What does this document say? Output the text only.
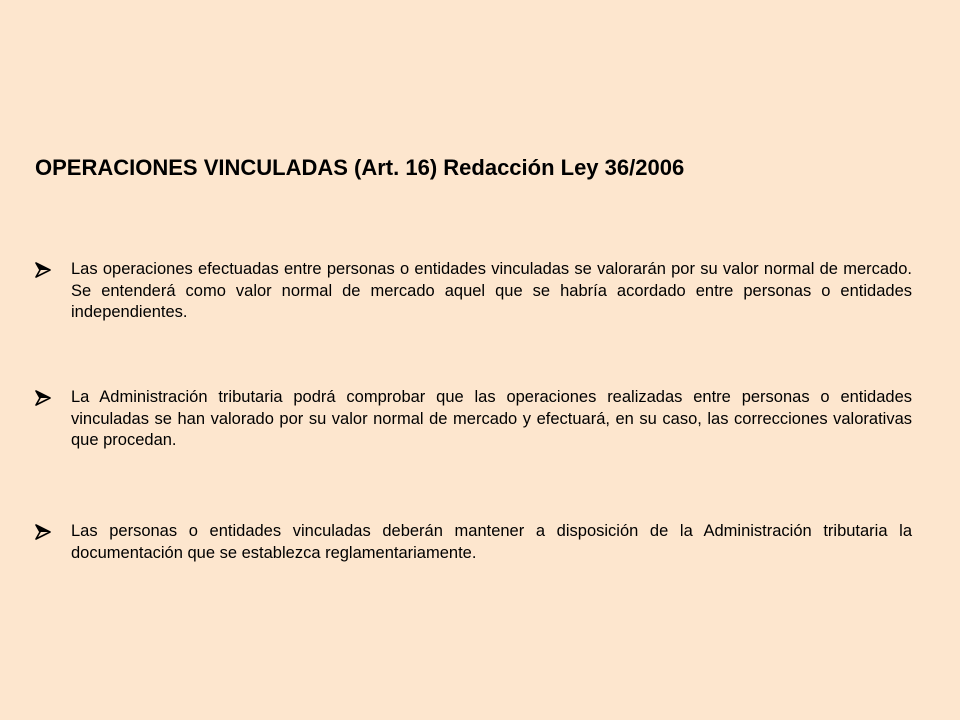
OPERACIONES VINCULADAS (Art. 16) Redacción Ley 36/2006

Las operaciones efectuadas entre personas o entidades vinculadas se valorarán por su valor normal de mercado. Se entenderá como valor normal de mercado aquel que se habría acordado entre personas o entidades independientes.

La Administración tributaria podrá comprobar que las operaciones realizadas entre personas o entidades vinculadas se han valorado por su valor normal de mercado y efectuará, en su caso, las correcciones valorativas que procedan.

Las personas o entidades vinculadas deberán mantener a disposición de la Administración tributaria la documentación que se establezca reglamentariamente.
